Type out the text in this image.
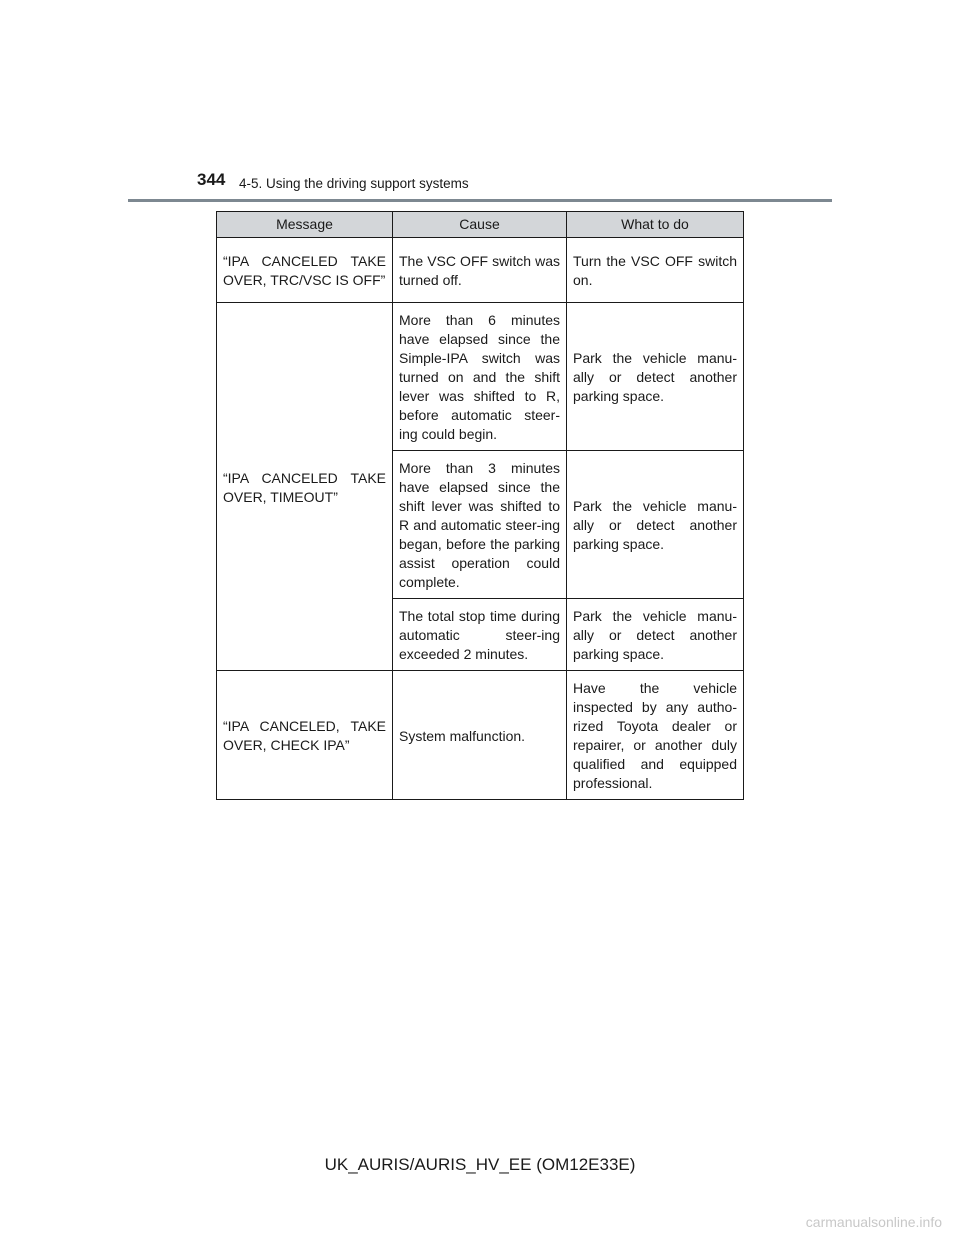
344 4-5. Using the driving support systems
Message	Cause	What to do
“IPA CANCELED TAKE OVER, TRC/VSC IS OFF”	The VSC OFF switch was turned off.	Turn the VSC OFF switch on.
“IPA CANCELED TAKE OVER, TIMEOUT”	More than 6 minutes have elapsed since the Simple-IPA switch was turned on and the shift lever was shifted to R, before automatic steer-ing could begin.	Park the vehicle manu-ally or detect another parking space.
	More than 3 minutes have elapsed since the shift lever was shifted to R and automatic steer-ing began, before the parking assist operation could complete.	Park the vehicle manu-ally or detect another parking space.
	The total stop time during automatic steer-ing exceeded 2 minutes.	Park the vehicle manu-ally or detect another parking space.
“IPA CANCELED, TAKE OVER, CHECK IPA”	System malfunction.	Have the vehicle inspected by any autho-rized Toyota dealer or repairer, or another duly qualified and equipped professional.
UK_AURIS/AURIS_HV_EE (OM12E33E)
carmanualsonline.info
